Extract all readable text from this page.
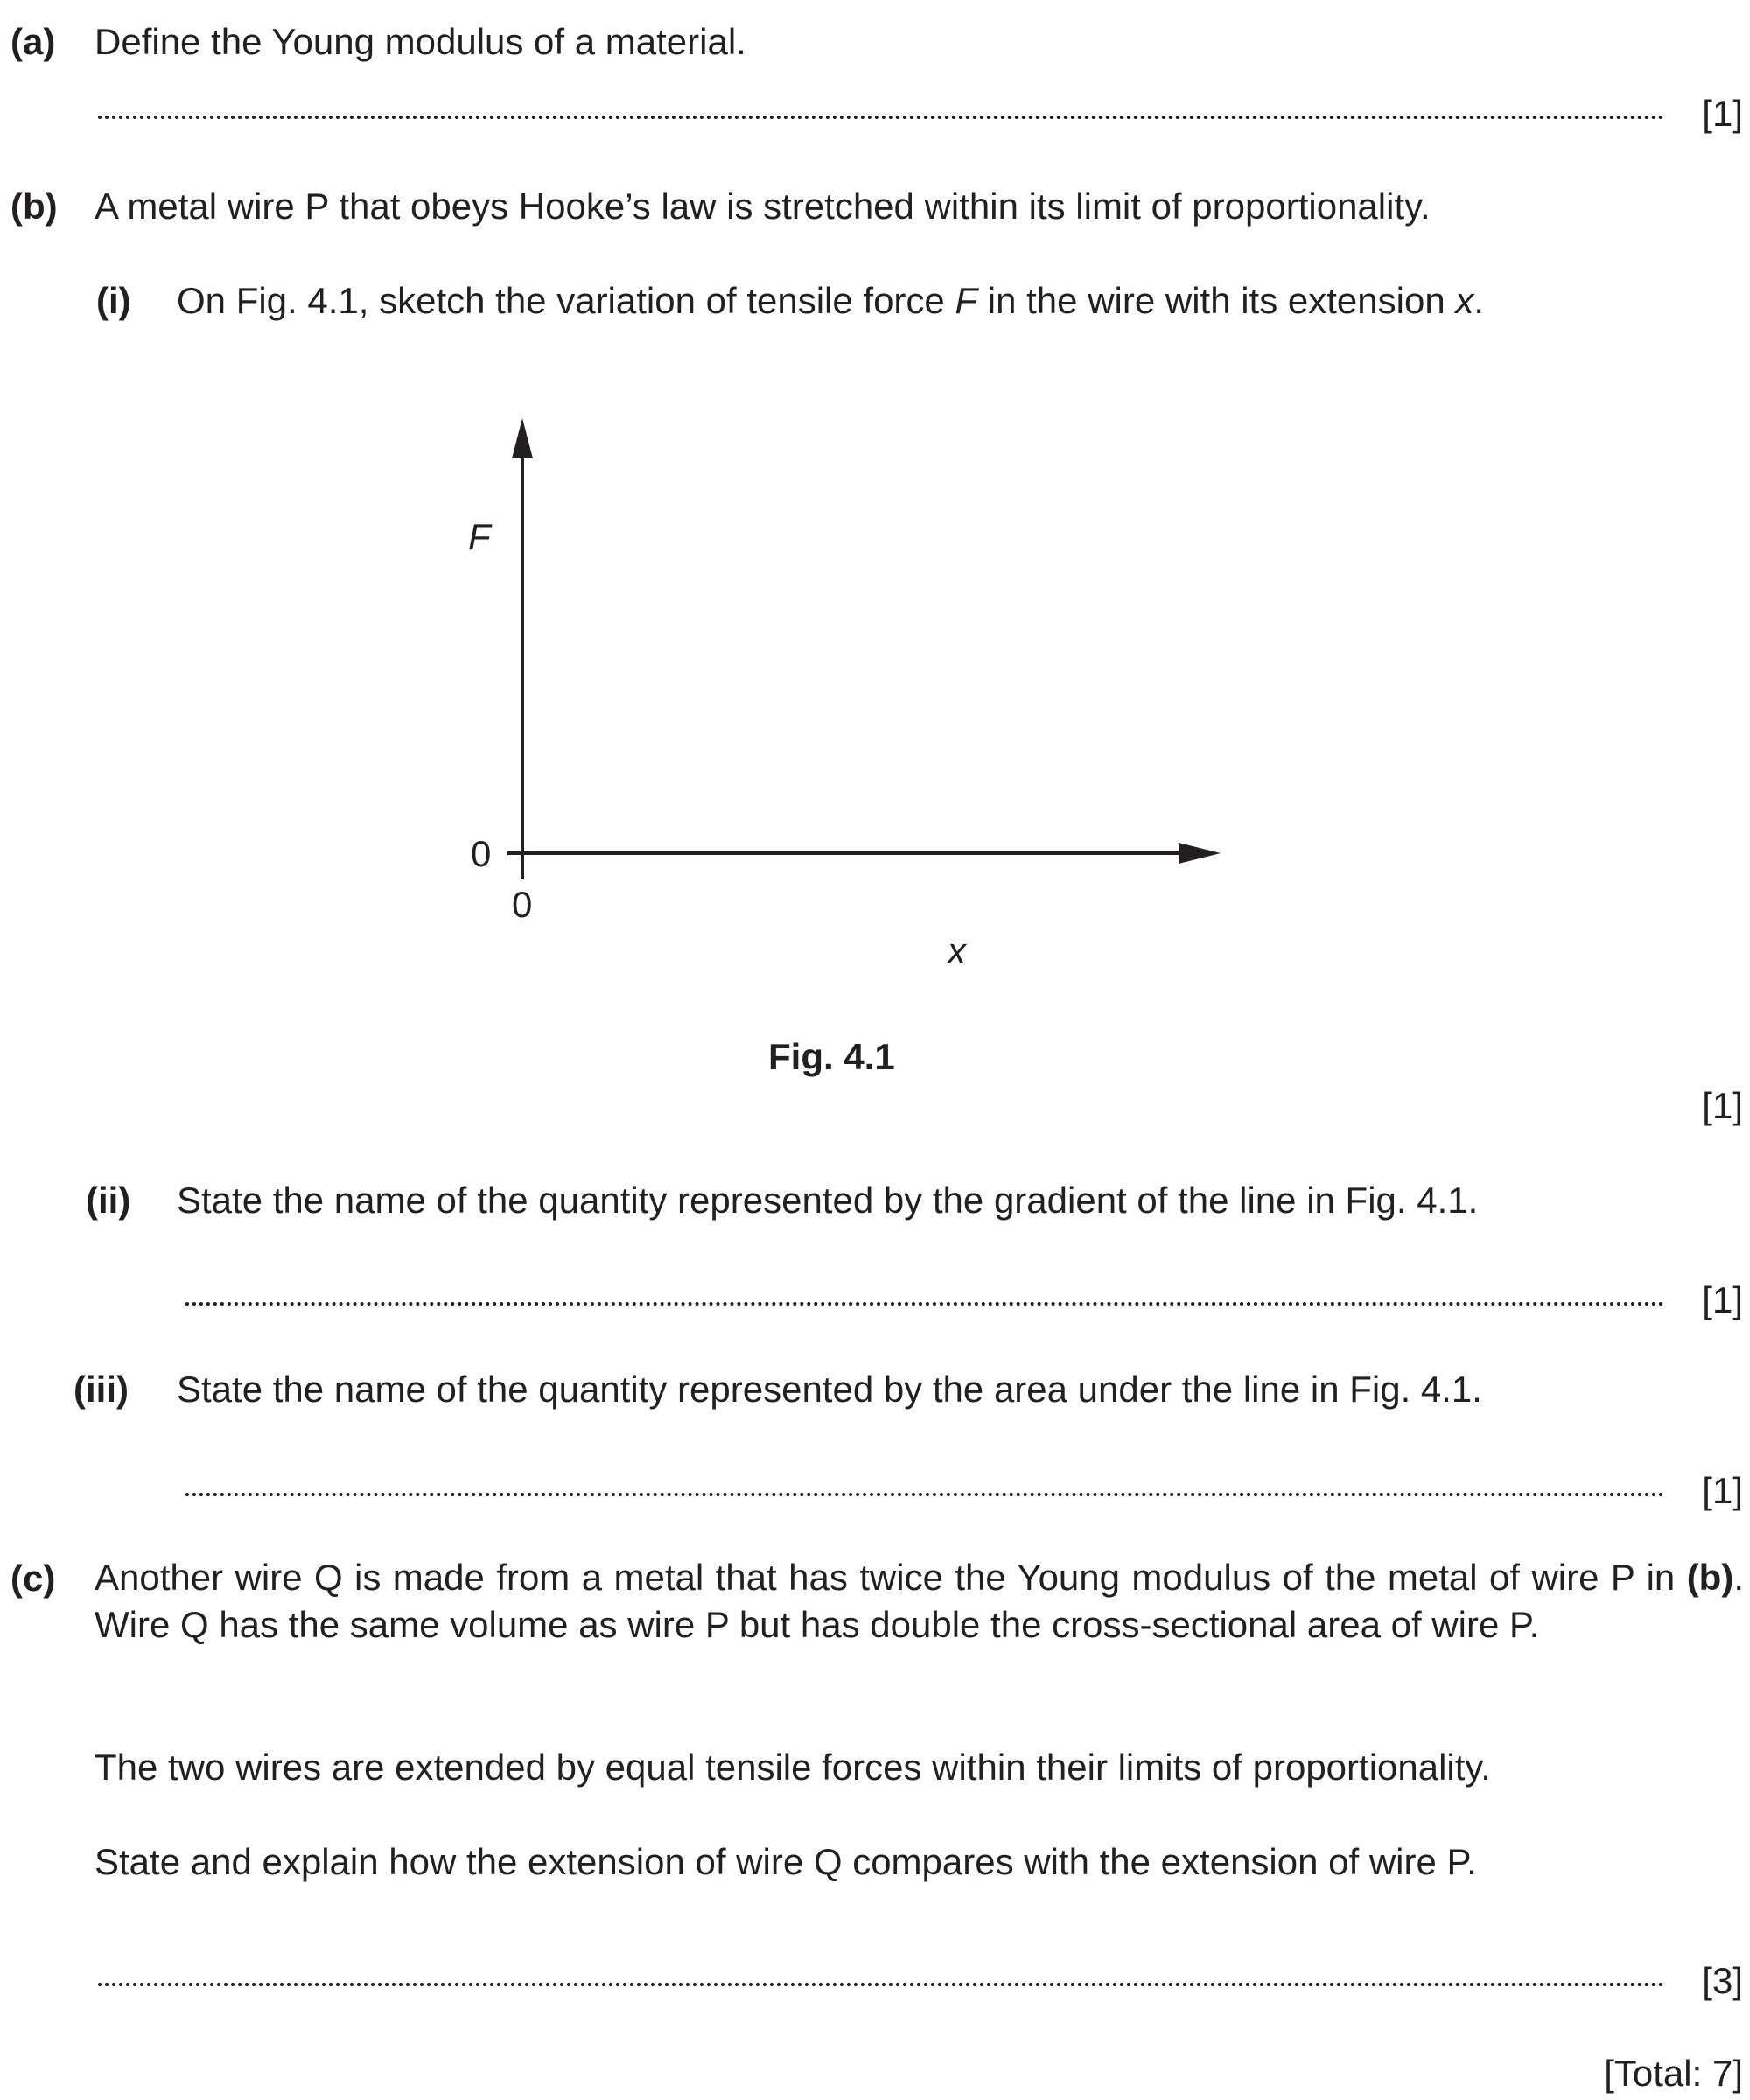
(a) Define the Young modulus of a material.
[1]
(b) A metal wire P that obeys Hooke’s law is stretched within its limit of proportionality.
(i) On Fig. 4.1, sketch the variation of tensile force F in the wire with its extension x.
F
x
0
0
Fig. 4.1
[1]
(ii) State the name of the quantity represented by the gradient of the line in Fig. 4.1.
[1]
(iii) State the name of the quantity represented by the area under the line in Fig. 4.1.
[1]
(c) Another wire Q is made from a metal that has twice the Young modulus of the metal of wire P in (b). Wire Q has the same volume as wire P but has double the cross-sectional area of wire P.
The two wires are extended by equal tensile forces within their limits of proportionality.
State and explain how the extension of wire Q compares with the extension of wire P.
[3]
[Total: 7]
